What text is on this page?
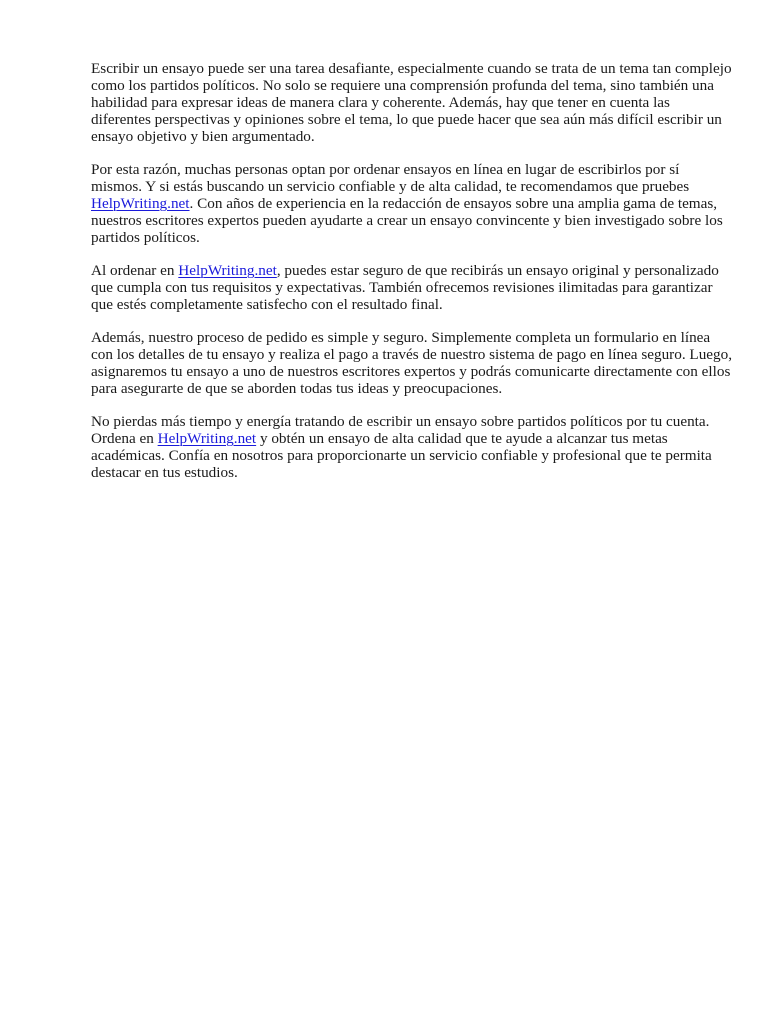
Escribir un ensayo puede ser una tarea desafiante, especialmente cuando se trata de un tema tan complejo como los partidos políticos. No solo se requiere una comprensión profunda del tema, sino también una habilidad para expresar ideas de manera clara y coherente. Además, hay que tener en cuenta las diferentes perspectivas y opiniones sobre el tema, lo que puede hacer que sea aún más difícil escribir un ensayo objetivo y bien argumentado.

Por esta razón, muchas personas optan por ordenar ensayos en línea en lugar de escribirlos por sí mismos. Y si estás buscando un servicio confiable y de alta calidad, te recomendamos que pruebes HelpWriting.net. Con años de experiencia en la redacción de ensayos sobre una amplia gama de temas, nuestros escritores expertos pueden ayudarte a crear un ensayo convincente y bien investigado sobre los partidos políticos.

Al ordenar en HelpWriting.net, puedes estar seguro de que recibirás un ensayo original y personalizado que cumpla con tus requisitos y expectativas. También ofrecemos revisiones ilimitadas para garantizar que estés completamente satisfecho con el resultado final.

Además, nuestro proceso de pedido es simple y seguro. Simplemente completa un formulario en línea con los detalles de tu ensayo y realiza el pago a través de nuestro sistema de pago en línea seguro. Luego, asignaremos tu ensayo a uno de nuestros escritores expertos y podrás comunicarte directamente con ellos para asegurarte de que se aborden todas tus ideas y preocupaciones.

No pierdas más tiempo y energía tratando de escribir un ensayo sobre partidos políticos por tu cuenta. Ordena en HelpWriting.net y obtén un ensayo de alta calidad que te ayude a alcanzar tus metas académicas. Confía en nosotros para proporcionarte un servicio confiable y profesional que te permita destacar en tus estudios.
